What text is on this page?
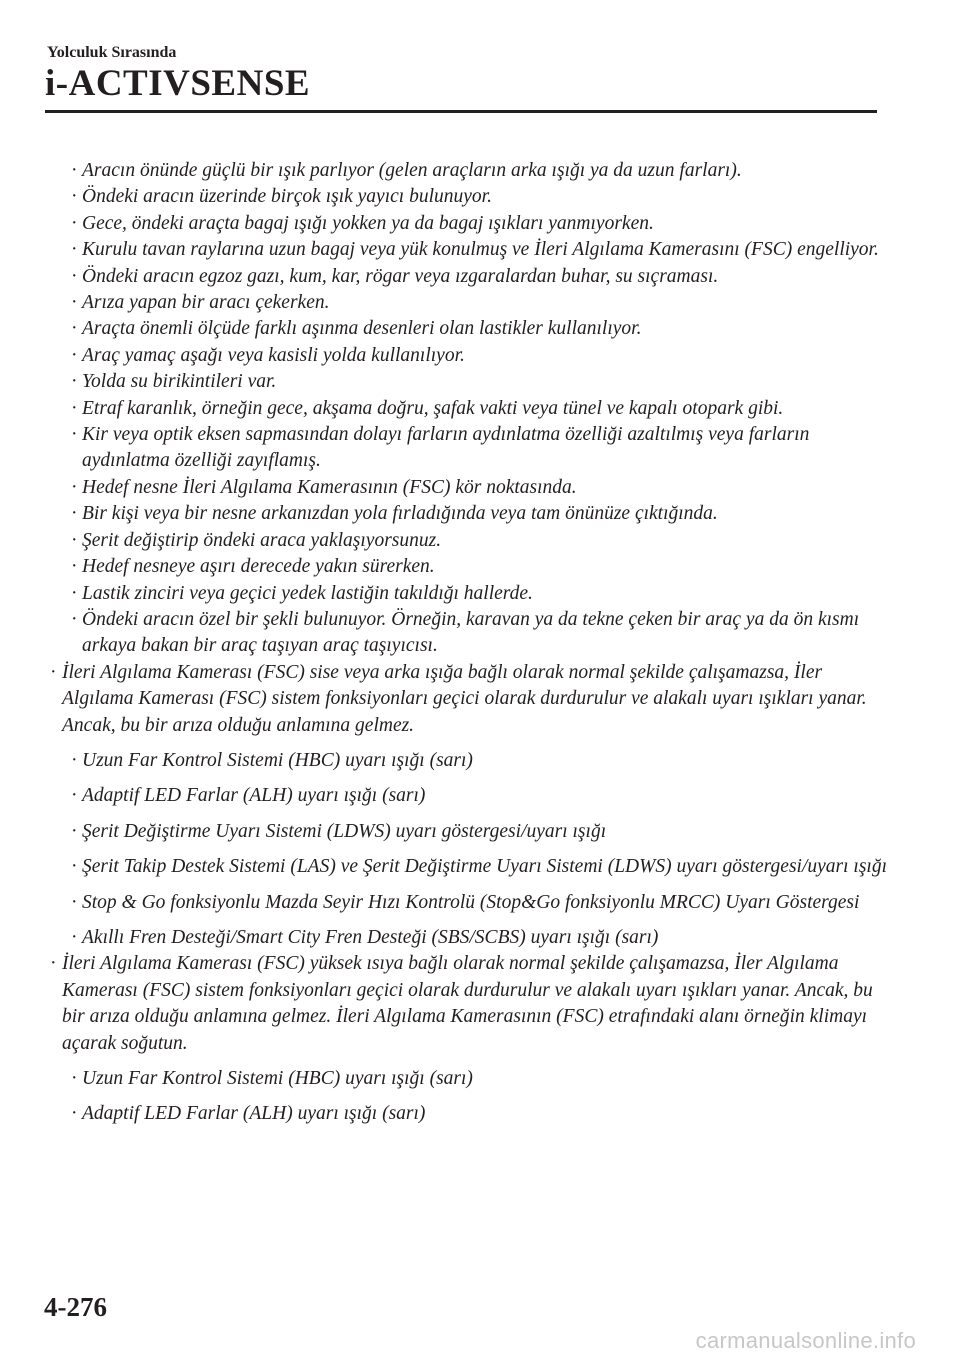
Yolculuk Sırasında
i-ACTIVSENSE
· Aracın önünde güçlü bir ışık parlıyor (gelen araçların arka ışığı ya da uzun farları).
· Öndeki aracın üzerinde birçok ışık yayıcı bulunuyor.
· Gece, öndeki araçta bagaj ışığı yokken ya da bagaj ışıkları yanmıyorken.
· Kurulu tavan raylarına uzun bagaj veya yük konulmuş ve İleri Algılama Kamerasını (FSC) engelliyor.
· Öndeki aracın egzoz gazı, kum, kar, rögar veya ızgaralardan buhar, su sıçraması.
· Arıza yapan bir aracı çekerken.
· Araçta önemli ölçüde farklı aşınma desenleri olan lastikler kullanılıyor.
· Araç yamaç aşağı veya kasisli yolda kullanılıyor.
· Yolda su birikintileri var.
· Etraf karanlık, örneğin gece, akşama doğru, şafak vakti veya tünel ve kapalı otopark gibi.
· Kir veya optik eksen sapmasından dolayı farların aydınlatma özelliği azaltılmış veya farların aydınlatma özelliği zayıflamış.
· Hedef nesne İleri Algılama Kamerasının (FSC) kör noktasında.
· Bir kişi veya bir nesne arkanızdan yola fırladığında veya tam önünüze çıktığında.
· Şerit değiştirip öndeki araca yaklaşıyorsunuz.
· Hedef nesneye aşırı derecede yakın sürerken.
· Lastik zinciri veya geçici yedek lastiğin takıldığı hallerde.
· Öndeki aracın özel bir şekli bulunuyor. Örneğin, karavan ya da tekne çeken bir araç ya da ön kısmı arkaya bakan bir araç taşıyan araç taşıyıcısı.
· İleri Algılama Kamerası (FSC) sise veya arka ışığa bağlı olarak normal şekilde çalışamazsa, İler Algılama Kamerası (FSC) sistem fonksiyonları geçici olarak durdurulur ve alakalı uyarı ışıkları yanar. Ancak, bu bir arıza olduğu anlamına gelmez.
· Uzun Far Kontrol Sistemi (HBC) uyarı ışığı (sarı)
· Adaptif LED Farlar (ALH) uyarı ışığı (sarı)
· Şerit Değiştirme Uyarı Sistemi (LDWS) uyarı göstergesi/uyarı ışığı
· Şerit Takip Destek Sistemi (LAS) ve Şerit Değiştirme Uyarı Sistemi (LDWS) uyarı göstergesi/uyarı ışığı
· Stop & Go fonksiyonlu Mazda Seyir Hızı Kontrolü (Stop&Go fonksiyonlu MRCC) Uyarı Göstergesi
· Akıllı Fren Desteği/Smart City Fren Desteği (SBS/SCBS) uyarı ışığı (sarı)
· İleri Algılama Kamerası (FSC) yüksek ısıya bağlı olarak normal şekilde çalışamazsa, İler Algılama Kamerası (FSC) sistem fonksiyonları geçici olarak durdurulur ve alakalı uyarı ışıkları yanar. Ancak, bu bir arıza olduğu anlamına gelmez. İleri Algılama Kamerasının (FSC) etrafındaki alanı örneğin klimayı açarak soğutun.
· Uzun Far Kontrol Sistemi (HBC) uyarı ışığı (sarı)
· Adaptif LED Farlar (ALH) uyarı ışığı (sarı)
4-276
carmanualsonline.info
